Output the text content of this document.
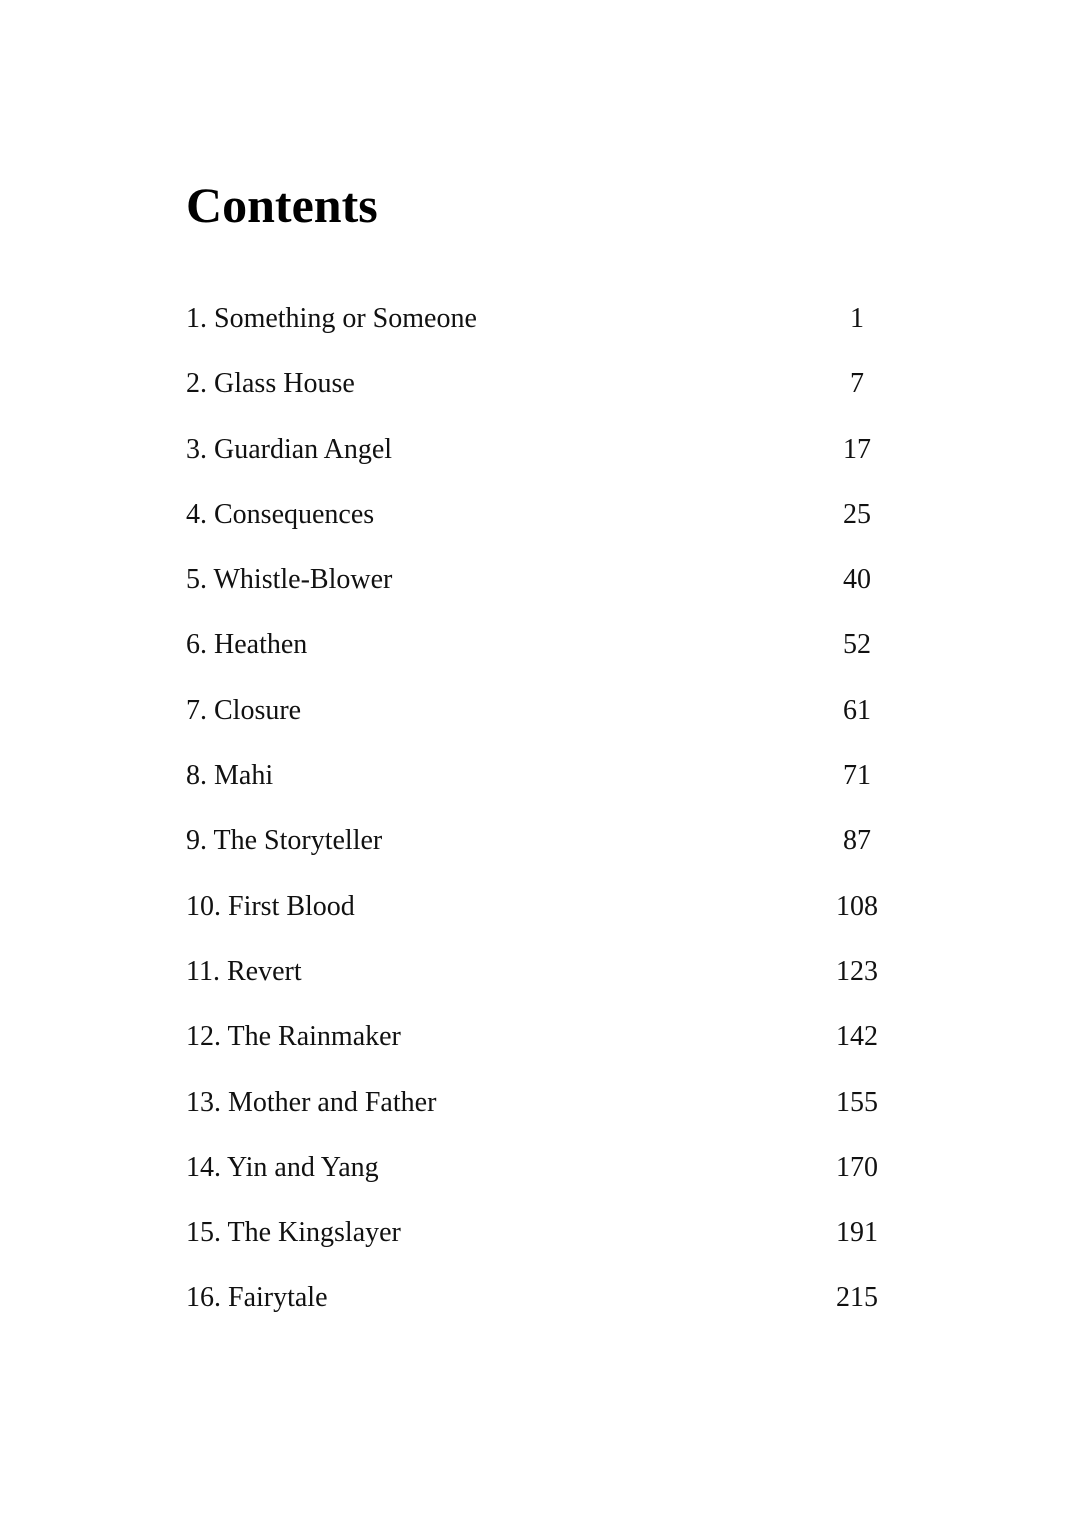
Contents
1. Something or Someone	1
2. Glass House	7
3. Guardian Angel	17
4. Consequences	25
5. Whistle-Blower	40
6. Heathen	52
7. Closure	61
8. Mahi	71
9. The Storyteller	87
10. First Blood	108
11. Revert	123
12. The Rainmaker	142
13. Mother and Father	155
14. Yin and Yang	170
15. The Kingslayer	191
16. Fairytale	215
